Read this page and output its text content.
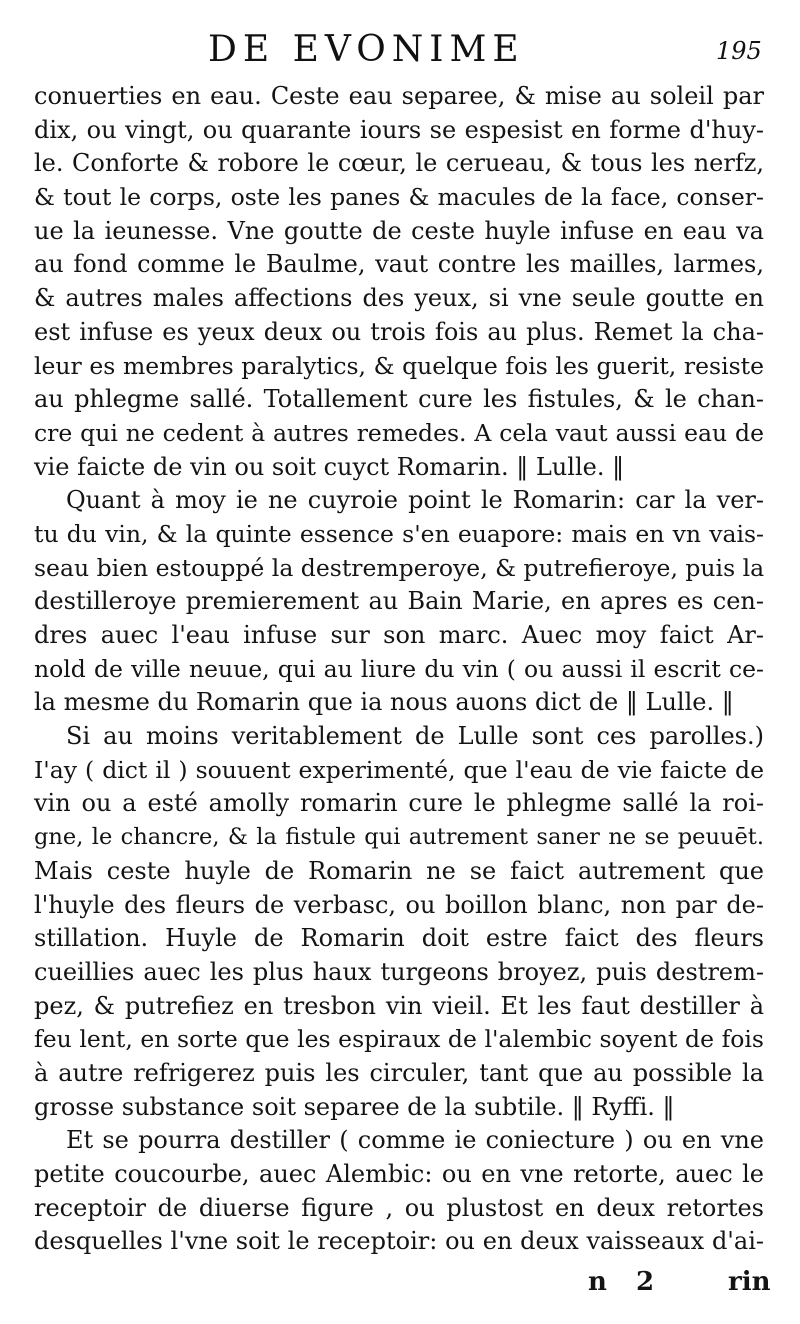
DE EVONIME	195
conuerties en eau. Ceste eau separee, & mise au soleil par
dix, ou vingt, ou quarante iours se espesist en forme d'huy-
le. Conforte & robore le cœur, le cerueau, & tous les nerfz,
& tout le corps, oste les panes & macules de la face, conser-
ue la ieunesse. Vne goutte de ceste huyle infuse en eau va
au fond comme le Baulme, vaut contre les mailles, larmes,
& autres males affections des yeux, si vne seule goutte en
est infuse es yeux deux ou trois fois au plus. Remet la cha-
leur es membres paralytics, & quelque fois les guerit, resiste
au phlegme sallé. Totallement cure les fistules, & le chan-
cre qui ne cedent à autres remedes. A cela vaut aussi eau de
vie faicte de vin ou soit cuyct Romarin. ‖ Lulle. ‖
Quant à moy ie ne cuyroie point le Romarin: car la ver-
tu du vin, & la quinte essence s'en euapore: mais en vn vais-
seau bien estouppé la destremperoye, & putrefieroye, puis la
destilleroye premierement au Bain Marie, en apres es cen-
dres auec l'eau infuse sur son marc. Auec moy faict Ar-
nold de ville neuue, qui au liure du vin ( ou aussi il escrit ce-
la mesme du Romarin que ia nous auons dict de ‖ Lulle. ‖
Si au moins veritablement de Lulle sont ces parolles.)
I'ay ( dict il ) souuent experimenté, que l'eau de vie faicte de
vin ou a esté amolly romarin cure le phlegme sallé la roi-
gne, le chancre, & la fistule qui autrement saner ne se peuuēt.
Mais ceste huyle de Romarin ne se faict autrement que
l'huyle des fleurs de verbasc, ou boillon blanc, non par de-
stillation. Huyle de Romarin doit estre faict des fleurs
cueillies auec les plus haux turgeons broyez, puis destrem-
pez, & putrefiez en tresbon vin vieil. Et les faut destiller à
feu lent, en sorte que les espiraux de l'alembic soyent de fois
à autre refrigerez puis les circuler, tant que au possible la
grosse substance soit separee de la subtile. ‖ Ryffi. ‖
Et se pourra destiller ( comme ie coniecture ) ou en vne
petite coucourbe, auec Alembic: ou en vne retorte, auec le
receptoir de diuerse figure , ou plustost en deux retortes
desquelles l'vne soit le receptoir: ou en deux vaisseaux d'ai-
n 2 rin
